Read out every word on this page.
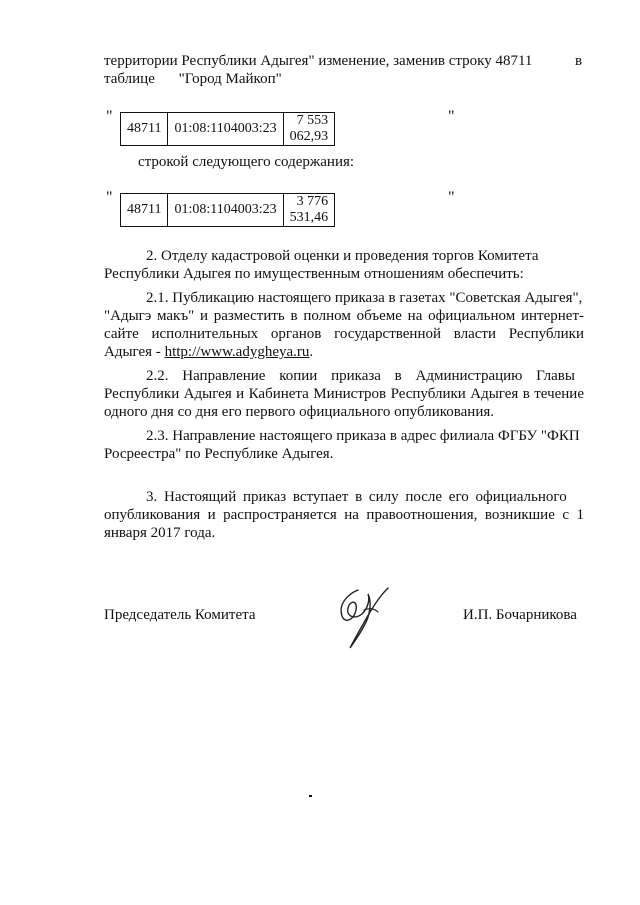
территории Республики Адыгея" изменение, заменив строку 48711	в
таблице "Город Майкоп"
"
48711	01:08:1104003:23	7 553 062,93
"
строкой следующего содержания:
"
48711	01:08:1104003:23	3 776 531,46
"
2. Отделу кадастровой оценки и проведения торгов Комитета
Республики Адыгея по имущественным отношениям обеспечить:
2.1. Публикацию настоящего приказа в газетах "Советская Адыгея",
"Адыгэ макъ" и разместить в полном объеме на официальном интернет-
сайте исполнительных органов государственной власти Республики
Адыгея - http://www.adygheya.ru.
2.2. Направление копии приказа в Администрацию Главы
Республики Адыгея и Кабинета Министров Республики Адыгея в течение
одного дня со дня его первого официального опубликования.
2.3. Направление настоящего приказа в адрес филиала ФГБУ "ФКП
Росреестра" по Республике Адыгея.
3. Настоящий приказ вступает в силу после его официального
опубликования и распространяется на правоотношения, возникшие с 1
января 2017 года.
Председатель Комитета	И.П. Бочарникова
